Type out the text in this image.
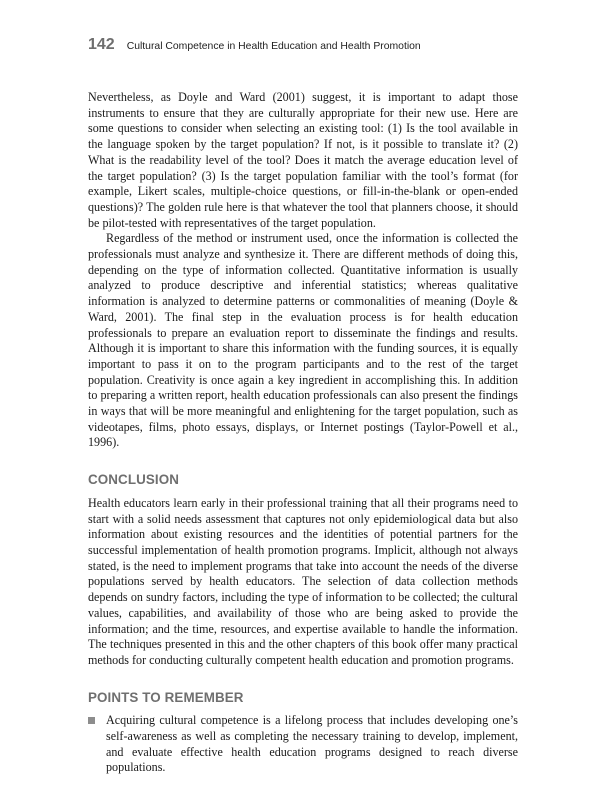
142 Cultural Competence in Health Education and Health Promotion

Nevertheless, as Doyle and Ward (2001) suggest, it is important to adapt those instruments to ensure that they are culturally appropriate for their new use. Here are some questions to consider when selecting an existing tool: (1) Is the tool available in the language spoken by the target population? If not, is it possible to translate it? (2) What is the readability level of the tool? Does it match the average education level of the target population? (3) Is the target population familiar with the tool’s format (for example, Likert scales, multiple-choice questions, or fill-in-the-blank or open-ended questions)? The golden rule here is that whatever the tool that planners choose, it should be pilot-tested with representatives of the target population.

Regardless of the method or instrument used, once the information is collected the professionals must analyze and synthesize it. There are different methods of doing this, depending on the type of information collected. Quantitative information is usually analyzed to produce descriptive and inferential statistics; whereas qualitative information is analyzed to determine patterns or commonalities of meaning (Doyle & Ward, 2001). The final step in the evaluation process is for health education professionals to prepare an evaluation report to disseminate the findings and results. Although it is important to share this information with the funding sources, it is equally important to pass it on to the program participants and to the rest of the target population. Creativity is once again a key ingredient in accomplishing this. In addition to preparing a written report, health education professionals can also present the findings in ways that will be more meaningful and enlightening for the target population, such as videotapes, films, photo essays, displays, or Internet postings (Taylor-Powell et al., 1996).

CONCLUSION

Health educators learn early in their professional training that all their programs need to start with a solid needs assessment that captures not only epidemiological data but also information about existing resources and the identities of potential partners for the successful implementation of health promotion programs. Implicit, although not always stated, is the need to implement programs that take into account the needs of the diverse populations served by health educators. The selection of data collection methods depends on sundry factors, including the type of information to be collected; the cultural values, capabilities, and availability of those who are being asked to provide the information; and the time, resources, and expertise available to handle the information. The techniques presented in this and the other chapters of this book offer many practical methods for conducting culturally competent health education and promotion programs.

POINTS TO REMEMBER
Acquiring cultural competence is a lifelong process that includes developing one’s self-awareness as well as completing the necessary training to develop, implement, and evaluate effective health education programs designed to reach diverse populations.
